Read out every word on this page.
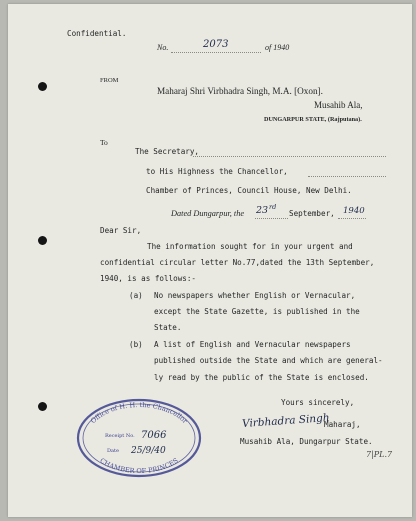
Confidential.
No.	2073	of 1940
FROM
Maharaj Shri Virbhadra Singh, M.A. [Oxon].
Musahib Ala,
DUNGARPUR STATE, (Rajputana).
To
The Secretary,
to His Highness the Chancellor,
Chamber of Princes, Council House, New Delhi.
Dated Dungarpur, the 23 rd
September, 1940
Dear Sir,
The information sought for in your urgent and
confidential circular letter No.77,dated the 13th September,
1940, is as follows:-
(a) No newspapers whether English or Vernacular,
except the State Gazette, is published in the
State.
(b) A list of English and Vernacular newspapers
published outside the State and which are general-
ly read by the public of the State is enclosed.
Yours sincerely,
Virbhadra Singh
Maharaj,
Musahib Ala, Dungarpur State.
7|PL.7
Office of H. H. the Chancellor
Receipt No. 7066
Date 25/9/40
CHAMBER OF PRINCES
